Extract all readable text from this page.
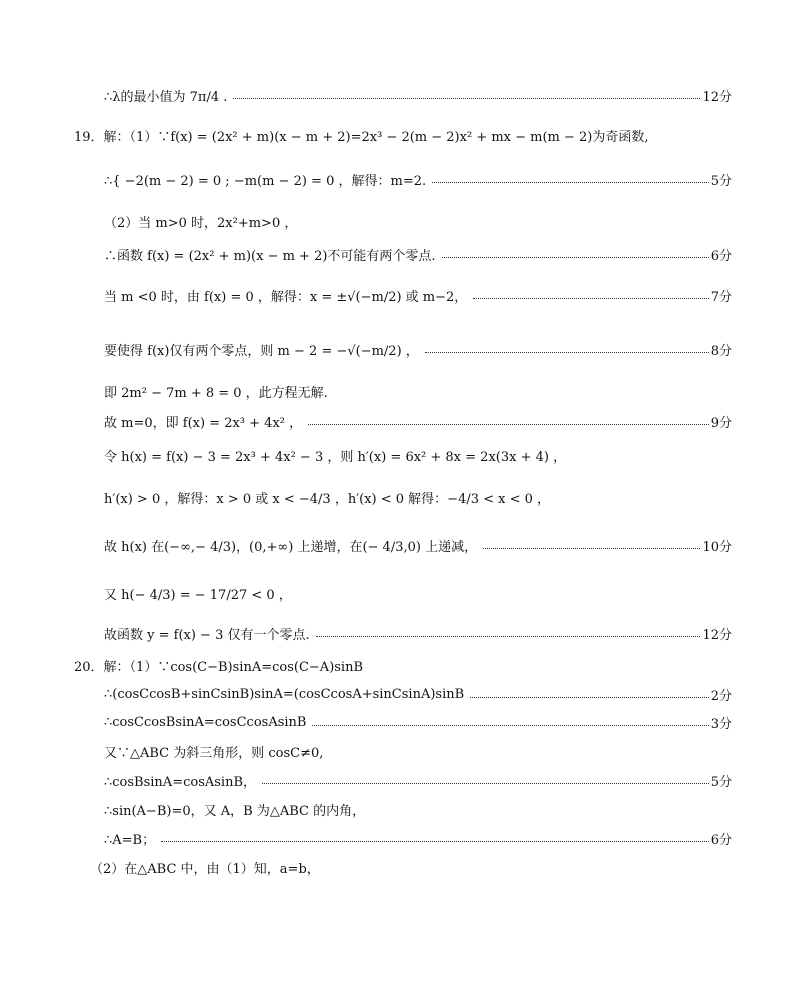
∴λ的最小值为 7π/4 .	12分
19．解：（1）∵f(x) = (2x² + m)(x − m + 2)=2x³ − 2(m − 2)x² + mx − m(m − 2)为奇函数,
∴{ −2(m − 2) = 0 ; −m(m − 2) = 0 ，解得：m=2.	5分
（2）当 m>0 时，2x²+m>0 ，
∴函数 f(x) = (2x² + m)(x − m + 2)不可能有两个零点.	6分
当 m <0 时，由 f(x) = 0 ，解得：x = ±√(−m/2) 或 m−2，	7分
要使得 f(x)仅有两个零点，则 m − 2 = −√(−m/2) ，	8分
即 2m² − 7m + 8 = 0 ，此方程无解.
故 m=0，即 f(x) = 2x³ + 4x² ，	9分
令 h(x) = f(x) − 3 = 2x³ + 4x² − 3 ，则 h′(x) = 6x² + 8x = 2x(3x + 4) ，
h′(x) > 0 ，解得：x > 0 或 x < −4/3 ，h′(x) < 0 解得：−4/3 < x < 0 ，
故 h(x) 在(−∞,− 4/3)，(0,+∞) 上递增，在(− 4/3,0) 上递减，	10分
又 h(− 4/3) = − 17/27 < 0 ，
故函数 y = f(x) − 3 仅有一个零点.	12分
20．解：（1）∵cos(C−B)sinA=cos(C−A)sinB
∴(cosCcosB+sinCsinB)sinA=(cosCcosA+sinCsinA)sinB	2分
∴cosCcosBsinA=cosCcosAsinB	3分
又∵△ABC 为斜三角形，则 cosC≠0,
∴cosBsinA=cosAsinB，	5分
∴sin(A−B)=0，又 A，B 为△ABC 的内角，
∴A=B；	6分
（2）在△ABC 中，由（1）知，a=b，
